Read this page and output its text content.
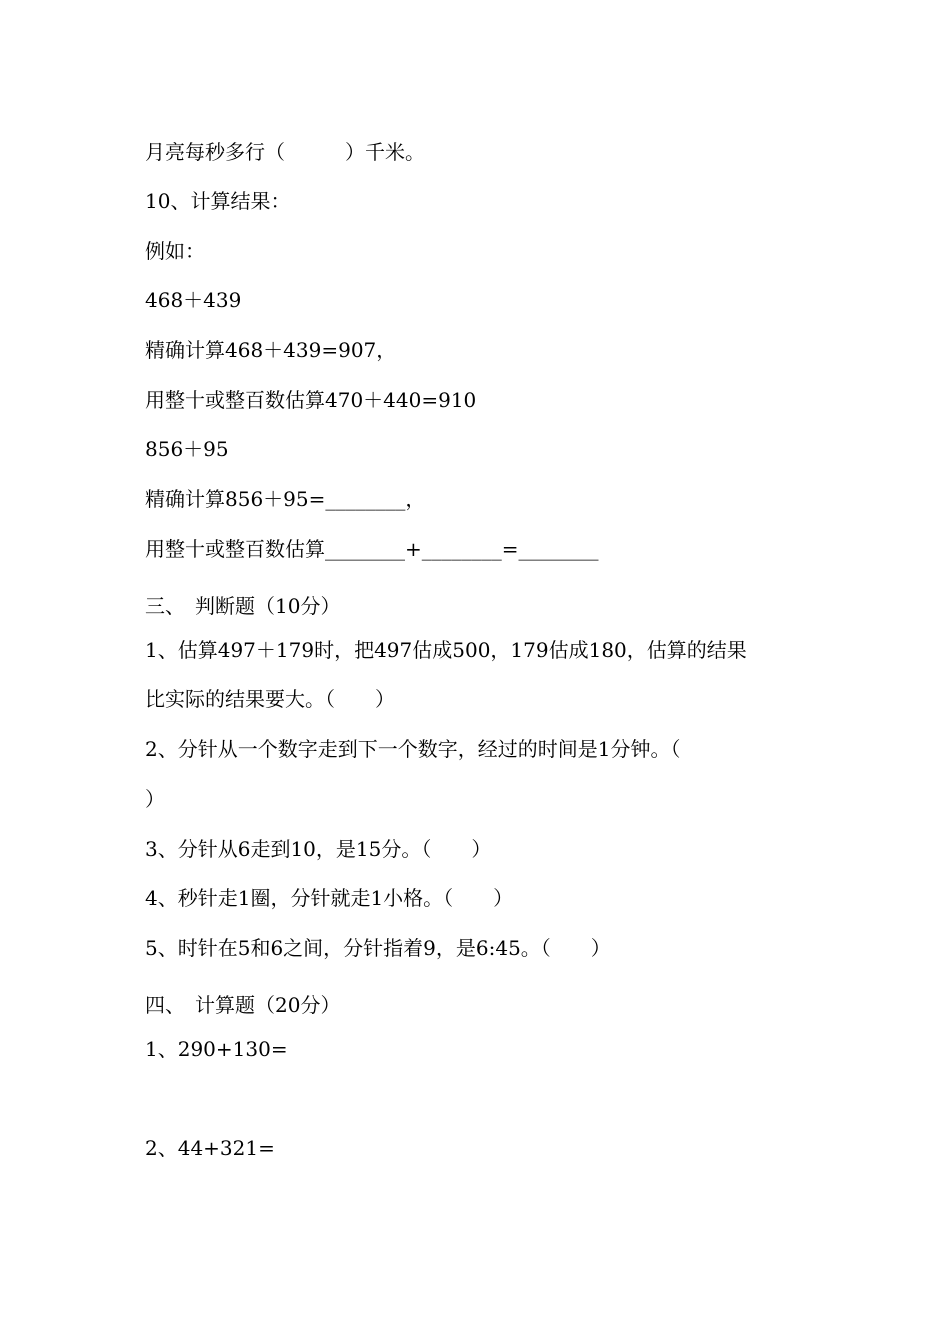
月亮每秒多行（　　　）千米。

10、计算结果：

例如：

468＋439

精确计算468＋439=907，

用整十或整百数估算470＋440=910

856＋95

精确计算856＋95=________，

用整十或整百数估算________+________=________

三、　判断题（10分）

1、估算497＋179时，把497估成500，179估成180，估算的结果

比实际的结果要大。（　　）

2、分针从一个数字走到下一个数字，经过的时间是1分钟。（

）

3、分针从6走到10，是15分。（　　）

4、秒针走1圈，分针就走1小格。（　　）

5、时针在5和6之间，分针指着9，是6:45。（　　）

四、　计算题（20分）

1、290+130=

2、44+321=
